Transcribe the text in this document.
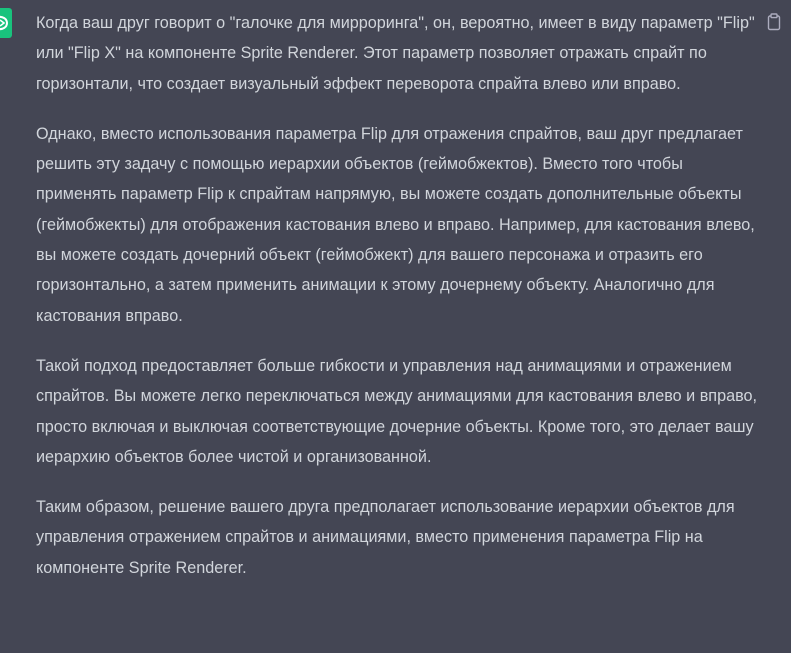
Когда ваш друг говорит о "галочке для мирроринга", он, вероятно, имеет в виду параметр "Flip" или "Flip X" на компоненте Sprite Renderer. Этот параметр позволяет отражать спрайт по горизонтали, что создает визуальный эффект переворота спрайта влево или вправо.

Однако, вместо использования параметра Flip для отражения спрайтов, ваш друг предлагает решить эту задачу с помощью иерархии объектов (геймобжектов). Вместо того чтобы применять параметр Flip к спрайтам напрямую, вы можете создать дополнительные объекты (геймобжекты) для отображения кастования влево и вправо. Например, для кастования влево, вы можете создать дочерний объект (геймобжект) для вашего персонажа и отразить его горизонтально, а затем применить анимации к этому дочернему объекту. Аналогично для кастования вправо.

Такой подход предоставляет больше гибкости и управления над анимациями и отражением спрайтов. Вы можете легко переключаться между анимациями для кастования влево и вправо, просто включая и выключая соответствующие дочерние объекты. Кроме того, это делает вашу иерархию объектов более чистой и организованной.

Таким образом, решение вашего друга предполагает использование иерархии объектов для управления отражением спрайтов и анимациями, вместо применения параметра Flip на компоненте Sprite Renderer.
